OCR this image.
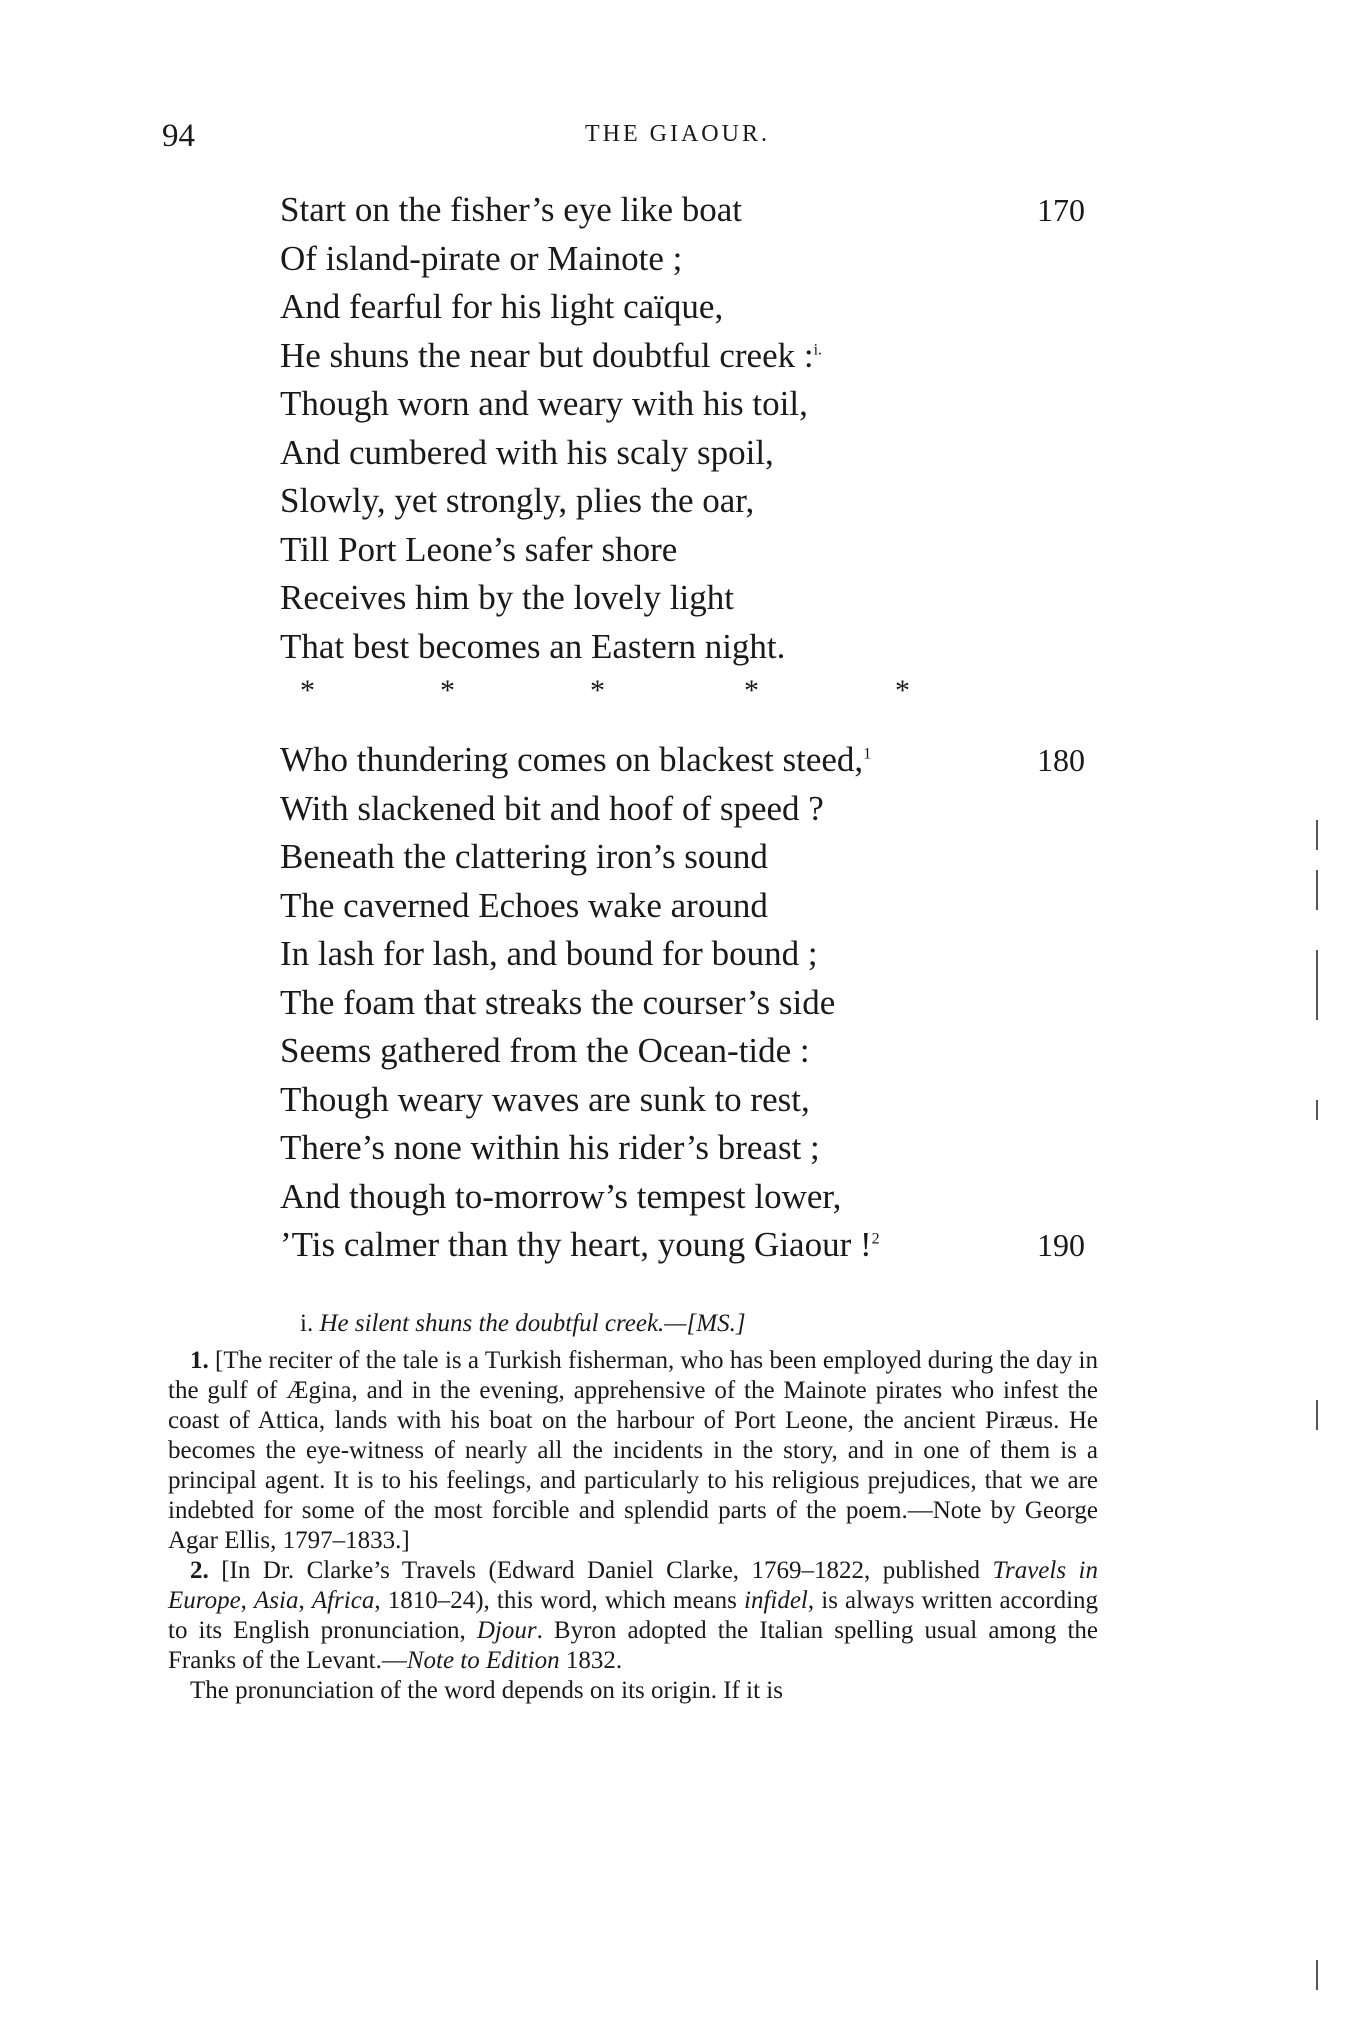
94	THE GIAOUR.
Start on the fisher’s eye like boat	170
Of island-pirate or Mainote ;
And fearful for his light caïque,
He shuns the near but doubtful creek :$^{i.}$
Though worn and weary with his toil,
And cumbered with his scaly spoil,
Slowly, yet strongly, plies the oar,
Till Port Leone’s safer shore
Receives him by the lovely light
That best becomes an Eastern night.
*	*	*	*	*
Who thundering comes on blackest steed,$^1$	180
With slackened bit and hoof of speed ?
Beneath the clattering iron’s sound
The caverned Echoes wake around
In lash for lash, and bound for bound ;
The foam that streaks the courser’s side
Seems gathered from the Ocean-tide :
Though weary waves are sunk to rest,
There’s none within his rider’s breast ;
And though to-morrow’s tempest lower,
’Tis calmer than thy heart, young Giaour !$^2$	190
i. He silent shuns the doubtful creek.—[MS.]

1. [The reciter of the tale is a Turkish fisherman, who has been employed during the day in the gulf of Ægina, and in the evening, apprehensive of the Mainote pirates who infest the coast of Attica, lands with his boat on the harbour of Port Leone, the ancient Piræus. He becomes the eye-witness of nearly all the incidents in the story, and in one of them is a principal agent. It is to his feelings, and particularly to his religious prejudices, that we are indebted for some of the most forcible and splendid parts of the poem.—Note by George Agar Ellis, 1797–1833.]

2. [In Dr. Clarke’s Travels (Edward Daniel Clarke, 1769–1822, published Travels in Europe, Asia, Africa, 1810–24), this word, which means infidel, is always written according to its English pronunciation, Djour. Byron adopted the Italian spelling usual among the Franks of the Levant.—Note to Edition 1832.

The pronunciation of the word depends on its origin. If it is
